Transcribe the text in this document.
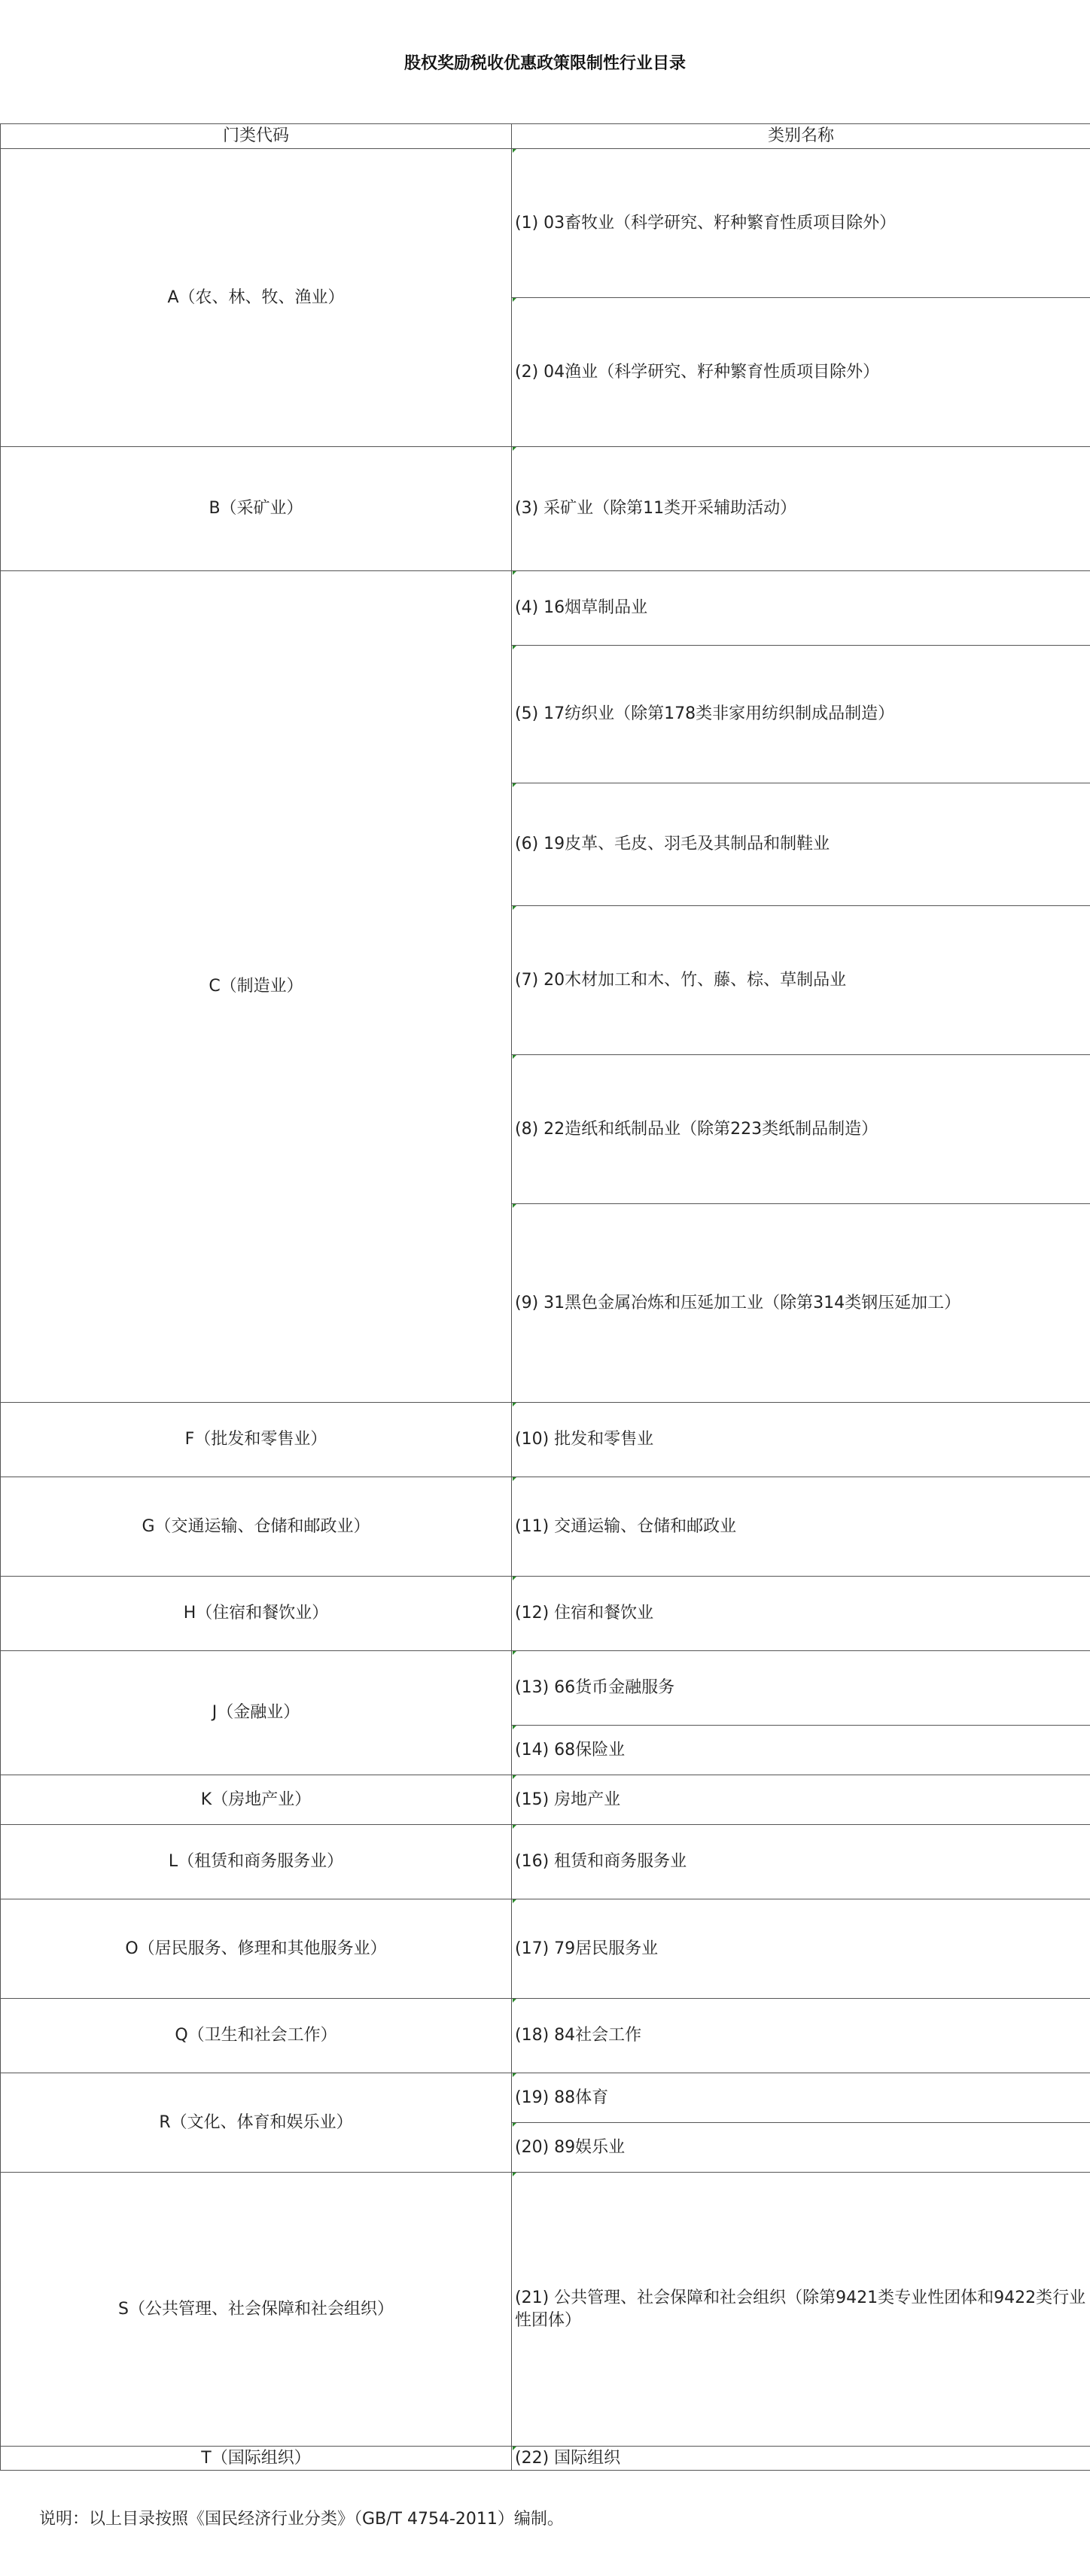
股权奖励税收优惠政策限制性行业目录
门类代码	类别名称
A（农、林、牧、渔业）	(1) 03畜牧业（科学研究、籽种繁育性质项目除外）
	(2) 04渔业（科学研究、籽种繁育性质项目除外）
B（采矿业）	(3) 采矿业（除第11类开采辅助活动）
C（制造业）	(4) 16烟草制品业
	(5) 17纺织业（除第178类非家用纺织制成品制造）
	(6) 19皮革、毛皮、羽毛及其制品和制鞋业
	(7) 20木材加工和木、竹、藤、棕、草制品业
	(8) 22造纸和纸制品业（除第223类纸制品制造）
	(9) 31黑色金属冶炼和压延加工业（除第314类钢压延加工）
F（批发和零售业）	(10) 批发和零售业
G（交通运输、仓储和邮政业）	(11) 交通运输、仓储和邮政业
H（住宿和餐饮业）	(12) 住宿和餐饮业
J（金融业）	(13) 66货币金融服务
	(14) 68保险业
K（房地产业）	(15) 房地产业
L（租赁和商务服务业）	(16) 租赁和商务服务业
O（居民服务、修理和其他服务业）	(17) 79居民服务业
Q（卫生和社会工作）	(18) 84社会工作
R（文化、体育和娱乐业）	(19) 88体育
	(20) 89娱乐业
S（公共管理、社会保障和社会组织）	(21) 公共管理、社会保障和社会组织（除第9421类专业性团体和9422类行业性团体）
T（国际组织）	(22) 国际组织
说明：以上目录按照《国民经济行业分类》（GB/T 4754-2011）编制。
